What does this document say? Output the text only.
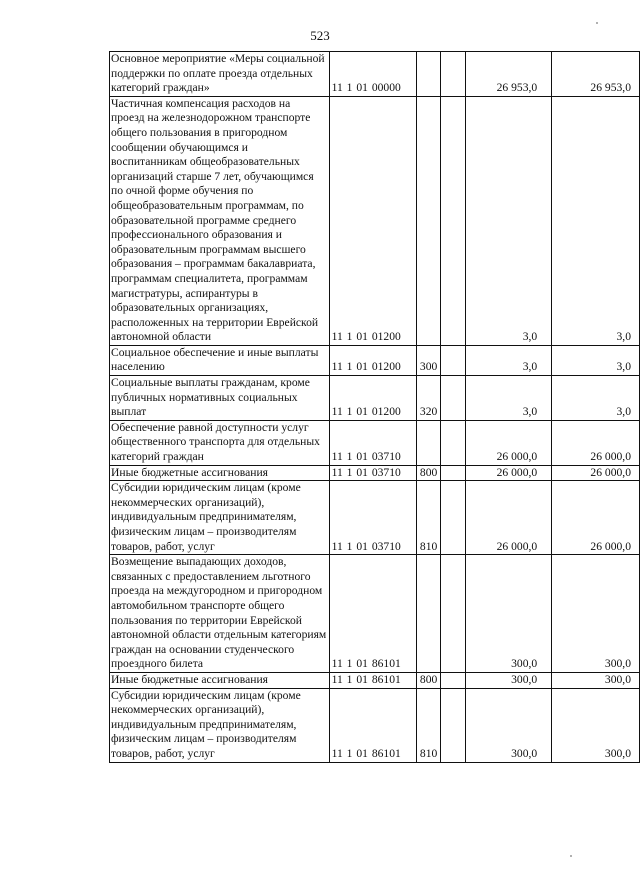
523
Основное мероприятие «Меры социальной поддержки по оплате проезда отдельных категорий граждан»	11 1 01 00000			26 953,0	26 953,0
Частичная компенсация расходов на проезд на железнодорожном транспорте общего пользования в пригородном сообщении обучающимся и воспитанникам общеобразовательных организаций старше 7 лет, обучающимся по очной форме обучения по общеобразовательным программам, по образовательной программе среднего профессионального образования и образовательным программам высшего образования – программам бакалавриата, программам специалитета, программам магистратуры, аспирантуры в образовательных организациях, расположенных на территории Еврейской автономной области	11 1 01 01200			3,0	3,0
Социальное обеспечение и иные выплаты населению	11 1 01 01200	300		3,0	3,0
Социальные выплаты гражданам, кроме публичных нормативных социальных выплат	11 1 01 01200	320		3,0	3,0
Обеспечение равной доступности услуг общественного транспорта для отдельных категорий граждан	11 1 01 03710			26 000,0	26 000,0
Иные бюджетные ассигнования	11 1 01 03710	800		26 000,0	26 000,0
Субсидии юридическим лицам (кроме некоммерческих организаций), индивидуальным предпринимателям, физическим лицам – производителям товаров, работ, услуг	11 1 01 03710	810		26 000,0	26 000,0
Возмещение выпадающих доходов, связанных с предоставлением льготного проезда на междугородном и пригородном автомобильном транспорте общего пользования по территории Еврейской автономной области отдельным категориям граждан на основании студенческого проездного билета	11 1 01 86101			300,0	300,0
Иные бюджетные ассигнования	11 1 01 86101	800		300,0	300,0
Субсидии юридическим лицам (кроме некоммерческих организаций), индивидуальным предпринимателям, физическим лицам – производителям товаров, работ, услуг	11 1 01 86101	810		300,0	300,0
